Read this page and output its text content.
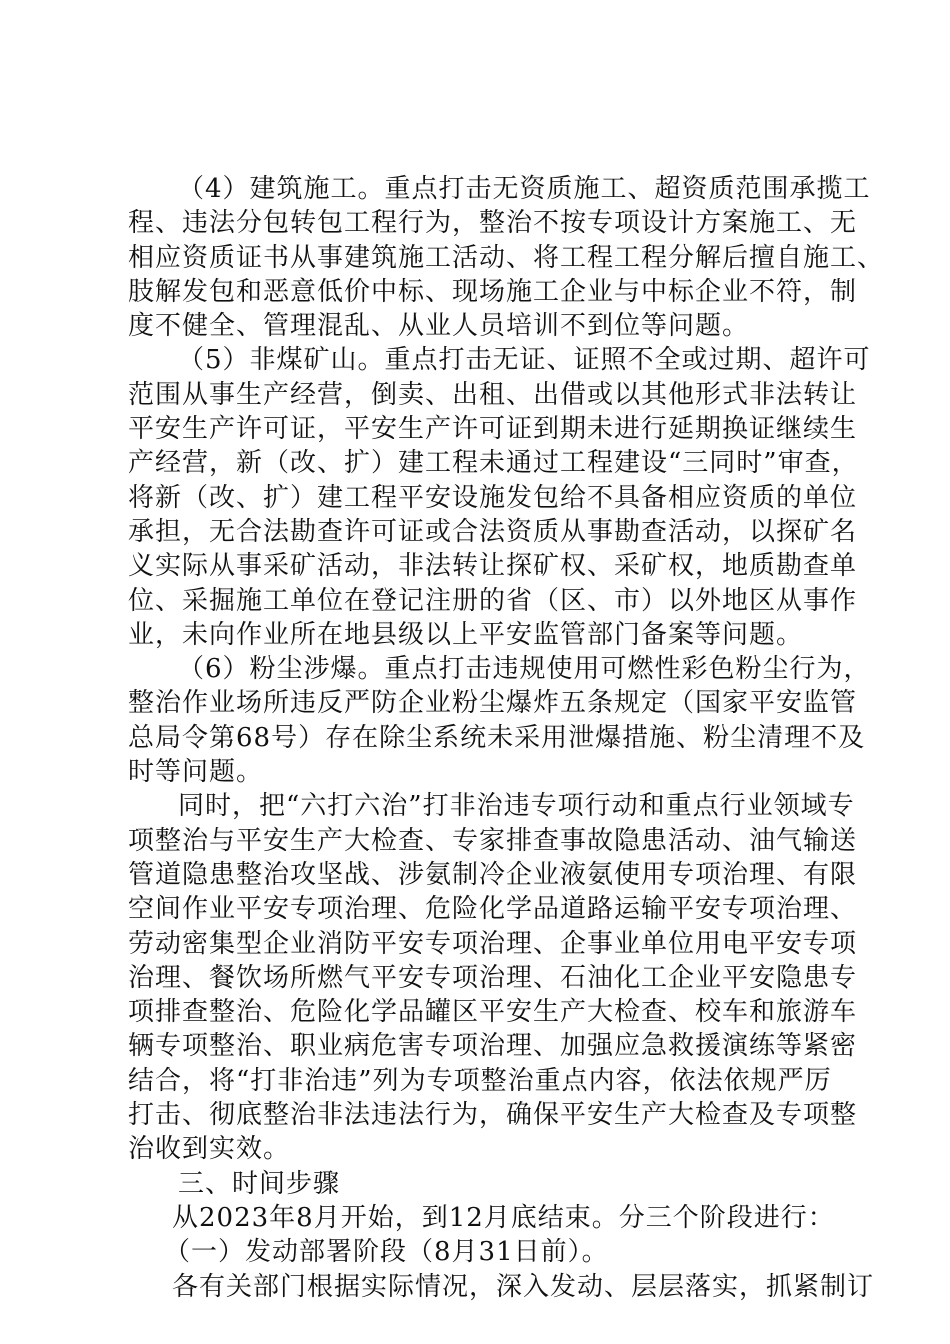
（4）建筑施工。重点打击无资质施工、超资质范围承揽工
程、违法分包转包工程行为，整治不按专项设计方案施工、无
相应资质证书从事建筑施工活动、将工程工程分解后擅自施工、
肢解发包和恶意低价中标、现场施工企业与中标企业不符，制
度不健全、管理混乱、从业人员培训不到位等问题。
（5）非煤矿山。重点打击无证、证照不全或过期、超许可
范围从事生产经营，倒卖、出租、出借或以其他形式非法转让
平安生产许可证，平安生产许可证到期未进行延期换证继续生
产经营，新（改、扩）建工程未通过工程建设“三同时”审查，
将新（改、扩）建工程平安设施发包给不具备相应资质的单位
承担，无合法勘查许可证或合法资质从事勘查活动，以探矿名
义实际从事采矿活动，非法转让探矿权、采矿权，地质勘查单
位、采掘施工单位在登记注册的省（区、市）以外地区从事作
业，未向作业所在地县级以上平安监管部门备案等问题。
（6）粉尘涉爆。重点打击违规使用可燃性彩色粉尘行为，
整治作业场所违反严防企业粉尘爆炸五条规定（国家平安监管
总局令第68号）存在除尘系统未采用泄爆措施、粉尘清理不及
时等问题。
同时，把“六打六治”打非治违专项行动和重点行业领域专
项整治与平安生产大检查、专家排查事故隐患活动、油气输送
管道隐患整治攻坚战、涉氨制冷企业液氨使用专项治理、有限
空间作业平安专项治理、危险化学品道路运输平安专项治理、
劳动密集型企业消防平安专项治理、企事业单位用电平安专项
治理、餐饮场所燃气平安专项治理、石油化工企业平安隐患专
项排查整治、危险化学品罐区平安生产大检查、校车和旅游车
辆专项整治、职业病危害专项治理、加强应急救援演练等紧密
结合，将“打非治违”列为专项整治重点内容，依法依规严厉
打击、彻底整治非法违法行为，确保平安生产大检查及专项整
治收到实效。
三、时间步骤
从2023年8月开始，到12月底结束。分三个阶段进行：
（一）发动部署阶段（8月31日前）。
各有关部门根据实际情况，深入发动、层层落实，抓紧制订
